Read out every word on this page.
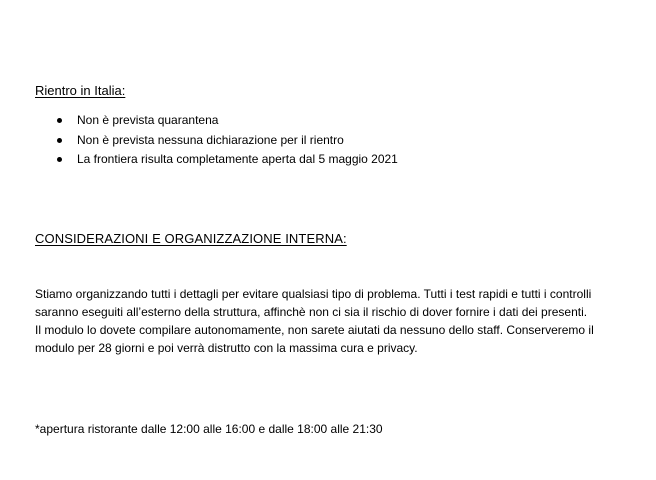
Rientro in Italia:
Non è prevista quarantena
Non è prevista nessuna dichiarazione per il rientro
La frontiera risulta completamente aperta dal 5 maggio 2021
CONSIDERAZIONI E ORGANIZZAZIONE INTERNA:

Stiamo organizzando tutti i dettagli per evitare qualsiasi tipo di problema. Tutti i test rapidi e tutti i controlli
saranno eseguiti all’esterno della struttura, affinchè non ci sia il rischio di dover fornire i dati dei presenti.
Il modulo lo dovete compilare autonomamente, non sarete aiutati da nessuno dello staff. Conserveremo il
modulo per 28 giorni e poi verrà distrutto con la massima cura e privacy.

*apertura ristorante dalle 12:00 alle 16:00 e dalle 18:00 alle 21:30
